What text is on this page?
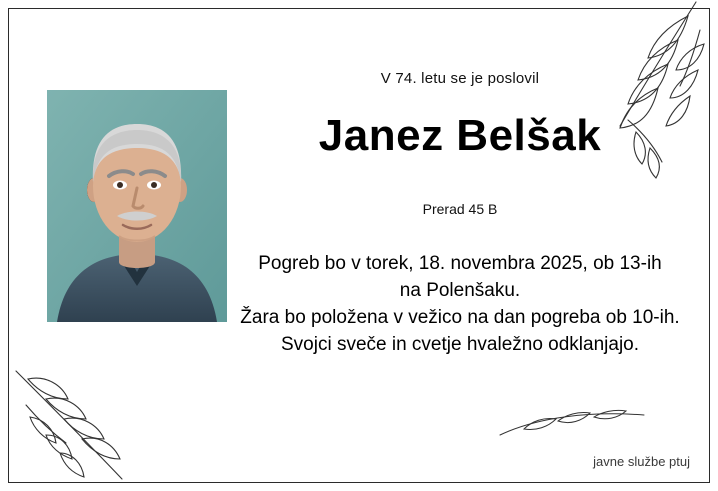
V 74. letu se je poslovil
Janez Belšak
Prerad 45 B
Pogreb bo v torek, 18. novembra 2025, ob 13-ih
na Polenšaku.
Žara bo položena v vežico na dan pogreba ob 10-ih.
Svojci sveče in cvetje hvaležno odklanjajo.
javne službe ptuj
